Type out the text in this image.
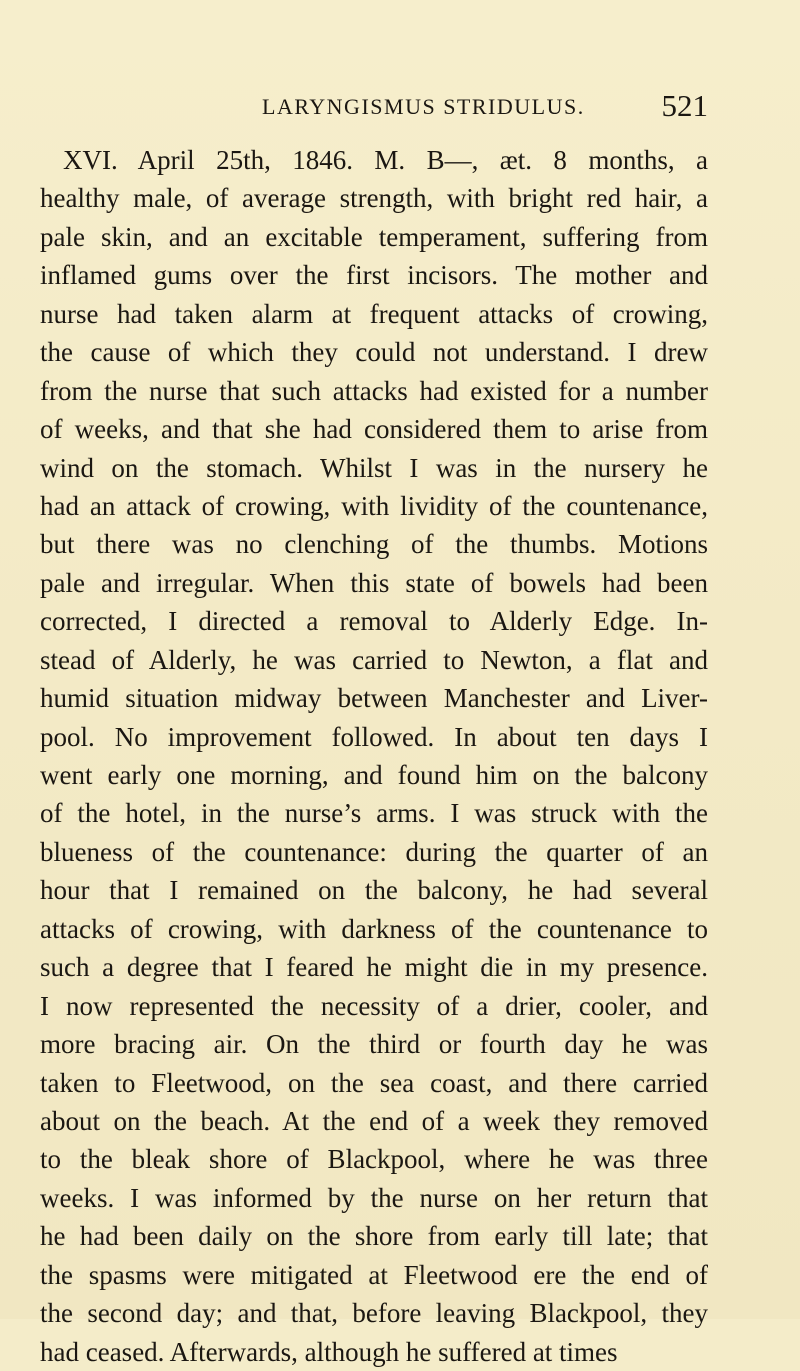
LARYNGISMUS STRIDULUS. 521
XVI. April 25th, 1846. M. B—, æt. 8 months, a
healthy male, of average strength, with bright red hair, a
pale skin, and an excitable temperament, suffering from
inflamed gums over the first incisors. The mother and
nurse had taken alarm at frequent attacks of crowing,
the cause of which they could not understand. I drew
from the nurse that such attacks had existed for a number
of weeks, and that she had considered them to arise from
wind on the stomach. Whilst I was in the nursery he
had an attack of crowing, with lividity of the countenance,
but there was no clenching of the thumbs. Motions
pale and irregular. When this state of bowels had been
corrected, I directed a removal to Alderly Edge. In-
stead of Alderly, he was carried to Newton, a flat and
humid situation midway between Manchester and Liver-
pool. No improvement followed. In about ten days I
went early one morning, and found him on the balcony
of the hotel, in the nurse’s arms. I was struck with the
blueness of the countenance: during the quarter of an
hour that I remained on the balcony, he had several
attacks of crowing, with darkness of the countenance to
such a degree that I feared he might die in my presence.
I now represented the necessity of a drier, cooler, and
more bracing air. On the third or fourth day he was
taken to Fleetwood, on the sea coast, and there carried
about on the beach. At the end of a week they removed
to the bleak shore of Blackpool, where he was three
weeks. I was informed by the nurse on her return that
he had been daily on the shore from early till late; that
the spasms were mitigated at Fleetwood ere the end of
the second day; and that, before leaving Blackpool, they
had ceased. Afterwards, although he suffered at times
